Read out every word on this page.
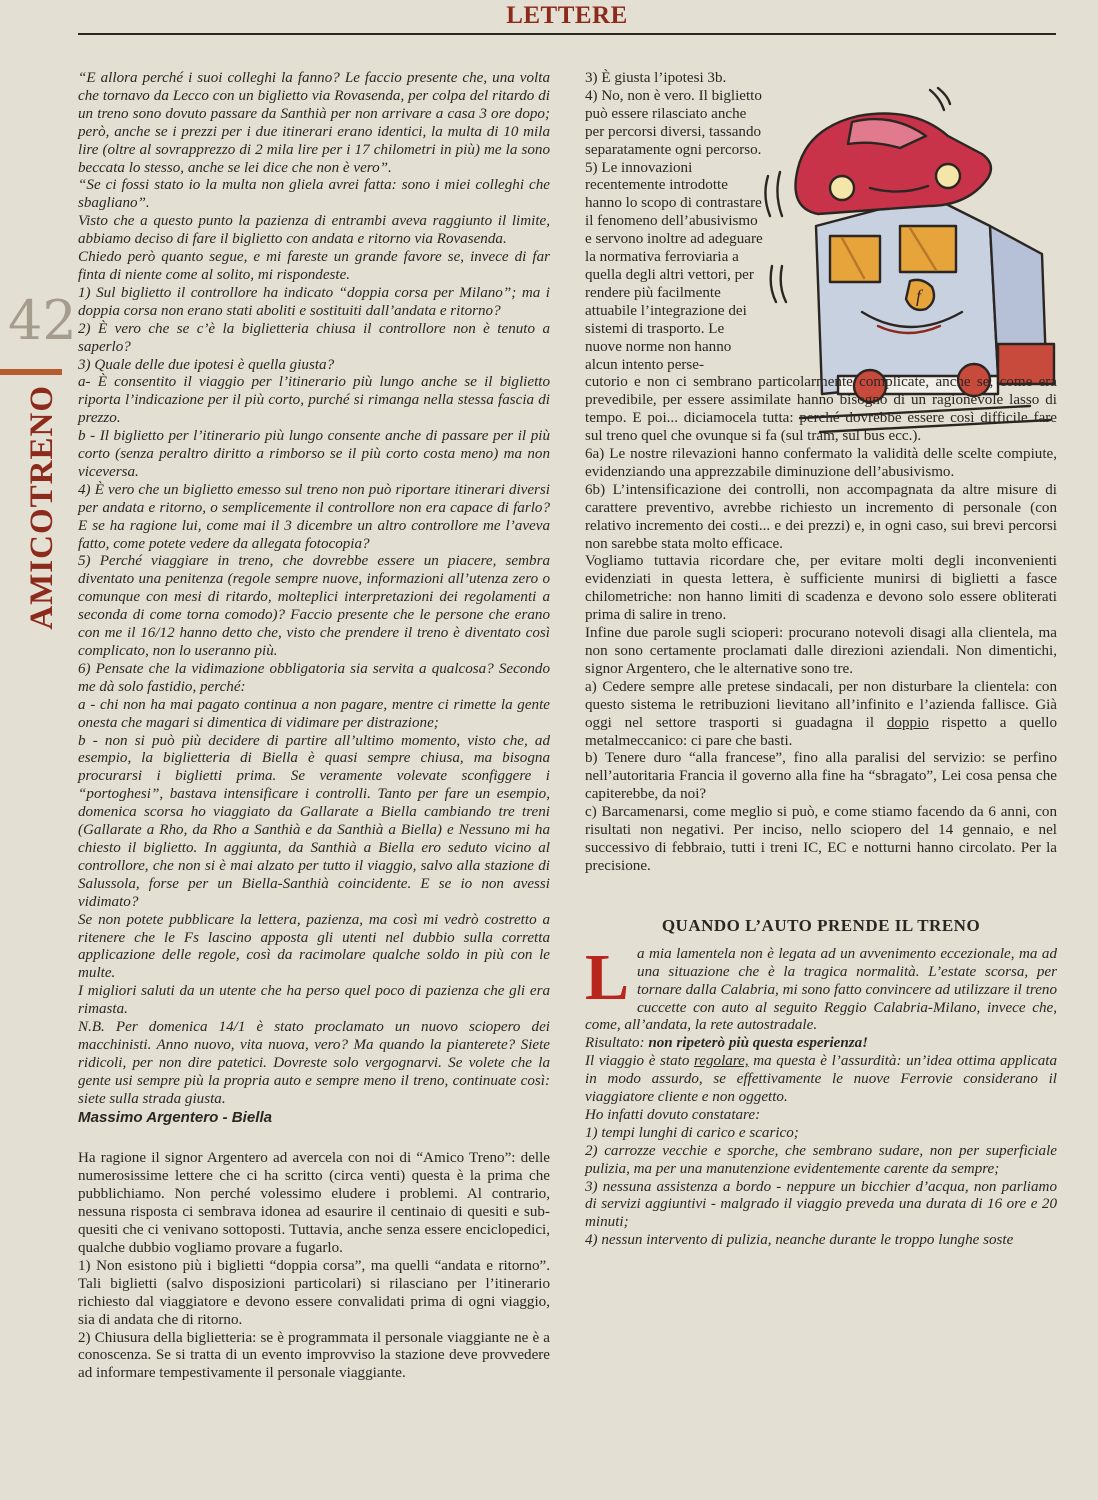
LETTERE
42
AMICOTRENO

“E allora perché i suoi colleghi la fanno? Le faccio presente che, una volta che tornavo da Lecco con un biglietto via Rovasenda, per colpa del ritardo di un treno sono dovuto passare da Santhià per non arrivare a casa 3 ore dopo; però, anche se i prezzi per i due itinerari erano identici, la multa di 10 mila lire (oltre al sovrapprezzo di 2 mila lire per i 17 chilometri in più) me la sono beccata lo stesso, anche se lei dice che non è vero”.

“Se ci fossi stato io la multa non gliela avrei fatta: sono i miei colleghi che sbagliano”.

Visto che a questo punto la pazienza di entrambi aveva raggiunto il limite, abbiamo deciso di fare il biglietto con andata e ritorno via Rovasenda.

Chiedo però quanto segue, e mi fareste un grande favore se, invece di far finta di niente come al solito, mi rispondeste.

1) Sul biglietto il controllore ha indicato “doppia corsa per Milano”; ma i doppia corsa non erano stati aboliti e sostituiti dall’andata e ritorno?

2) È vero che se c’è la biglietteria chiusa il controllore non è tenuto a saperlo?

3) Quale delle due ipotesi è quella giusta?

a- È consentito il viaggio per l’itinerario più lungo anche se il biglietto riporta l’indicazione per il più corto, purché si rimanga nella stessa fascia di prezzo.

b - Il biglietto per l’itinerario più lungo consente anche di passare per il più corto (senza peraltro diritto a rimborso se il più corto costa meno) ma non viceversa.

4) È vero che un biglietto emesso sul treno non può riportare itinerari diversi per andata e ritorno, o semplicemente il controllore non era capace di farlo? E se ha ragione lui, come mai il 3 dicembre un altro controllore me l’aveva fatto, come potete vedere da allegata fotocopia?

5) Perché viaggiare in treno, che dovrebbe essere un piacere, sembra diventato una penitenza (regole sempre nuove, informazioni all’utenza zero o comunque con mesi di ritardo, molteplici interpretazioni dei regolamenti a seconda di come torna comodo)? Faccio presente che le persone che erano con me il 16/12 hanno detto che, visto che prendere il treno è diventato così complicato, non lo useranno più.

6) Pensate che la vidimazione obbligatoria sia servita a qualcosa? Secondo me dà solo fastidio, perché:

a - chi non ha mai pagato continua a non pagare, mentre ci rimette la gente onesta che magari si dimentica di vidimare per distrazione;

b - non si può più decidere di partire all’ultimo momento, visto che, ad esempio, la biglietteria di Biella è quasi sempre chiusa, ma bisogna procurarsi i biglietti prima. Se veramente volevate sconfiggere i “portoghesi”, bastava intensificare i controlli. Tanto per fare un esempio, domenica scorsa ho viaggiato da Gallarate a Biella cambiando tre treni (Gallarate a Rho, da Rho a Santhià e da Santhià a Biella) e Nessuno mi ha chiesto il biglietto. In aggiunta, da Santhià a Biella ero seduto vicino al controllore, che non si è mai alzato per tutto il viaggio, salvo alla stazione di Salussola, forse per un Biella-Santhià coincidente. E se io non avessi vidimato?

Se non potete pubblicare la lettera, pazienza, ma così mi vedrò costretto a ritenere che le Fs lascino apposta gli utenti nel dubbio sulla corretta applicazione delle regole, così da racimolare qualche soldo in più con le multe.

I migliori saluti da un utente che ha perso quel poco di pazienza che gli era rimasta.

N.B. Per domenica 14/1 è stato proclamato un nuovo sciopero dei macchinisti. Anno nuovo, vita nuova, vero? Ma quando la pianterete? Siete ridicoli, per non dire patetici. Dovreste solo vergognarvi. Se volete che la gente usi sempre più la propria auto e sempre meno il treno, continuate così: siete sulla strada giusta.

Massimo Argentero - Biella

Ha ragione il signor Argentero ad avercela con noi di “Amico Treno”: delle numerosissime lettere che ci ha scritto (circa venti) questa è la prima che pubblichiamo. Non perché volessimo eludere i problemi. Al contrario, nessuna risposta ci sembrava idonea ad esaurire il centinaio di quesiti e sub-quesiti che ci venivano sottoposti. Tuttavia, anche senza essere enciclopedici, qualche dubbio vogliamo provare a fugarlo.

1) Non esistono più i biglietti “doppia corsa”, ma quelli “andata e ritorno”. Tali biglietti (salvo disposizioni particolari) si rilasciano per l’itinerario richiesto dal viaggiatore e devono essere convalidati prima di ogni viaggio, sia di andata che di ritorno.

2) Chiusura della biglietteria: se è programmata il personale viaggiante ne è a conoscenza. Se si tratta di un evento improvviso la stazione deve provvedere ad informare tempestivamente il personale viaggiante.

f

3) È giusta l’ipotesi 3b.

4) No, non è vero. Il biglietto può essere rilasciato anche per percorsi diversi, tassando separatamente ogni percorso.

5) Le innovazioni recentemente introdotte hanno lo scopo di contrastare il fenomeno dell’abusivismo e servono inoltre ad adeguare la normativa ferroviaria a quella degli altri vettori, per rendere più facilmente attuabile l’integrazione dei sistemi di trasporto. Le nuove norme non hanno alcun intento perse-

cutorio e non ci sembrano particolarmente complicate, anche se, come era prevedibile, per essere assimilate hanno bisogno di un ragionevole lasso di tempo. E poi... diciamocela tutta: perché dovrebbe essere così difficile fare sul treno quel che ovunque si fa (sul tram, sul bus ecc.).

6a) Le nostre rilevazioni hanno confermato la validità delle scelte compiute, evidenziando una apprezzabile diminuzione dell’abusivismo.

6b) L’intensificazione dei controlli, non accompagnata da altre misure di carattere preventivo, avrebbe richiesto un incremento di personale (con relativo incremento dei costi... e dei prezzi) e, in ogni caso, sui brevi percorsi non sarebbe stata molto efficace.

Vogliamo tuttavia ricordare che, per evitare molti degli inconvenienti evidenziati in questa lettera, è sufficiente munirsi di biglietti a fasce chilometriche: non hanno limiti di scadenza e devono solo essere obliterati prima di salire in treno.

Infine due parole sugli scioperi: procurano notevoli disagi alla clientela, ma non sono certamente proclamati dalle direzioni aziendali. Non dimentichi, signor Argentero, che le alternative sono tre.

a) Cedere sempre alle pretese sindacali, per non disturbare la clientela: con questo sistema le retribuzioni lievitano all’infinito e l’azienda fallisce. Già oggi nel settore trasporti si guadagna il doppio rispetto a quello metalmeccanico: ci pare che basti.

b) Tenere duro “alla francese”, fino alla paralisi del servizio: se perfino nell’autoritaria Francia il governo alla fine ha “sbragato”, Lei cosa pensa che capiterebbe, da noi?

c) Barcamenarsi, come meglio si può, e come stiamo facendo da 6 anni, con risultati non negativi. Per inciso, nello sciopero del 14 gennaio, e nel successivo di febbraio, tutti i treni IC, EC e notturni hanno circolato. Per la precisione.

QUANDO L’AUTO PRENDE IL TRENO

La mia lamentela non è legata ad un avvenimento eccezionale, ma ad una situazione che è la tragica normalità. L’estate scorsa, per tornare dalla Calabria, mi sono fatto convincere ad utilizzare il treno cuccette con auto al seguito Reggio Calabria-Milano, invece che, come, all’andata, la rete autostradale.

Risultato: non ripeterò più questa esperienza!

Il viaggio è stato regolare, ma questa è l’assurdità: un’idea ottima applicata in modo assurdo, se effettivamente le nuove Ferrovie considerano il viaggiatore cliente e non oggetto.

Ho infatti dovuto constatare:

1) tempi lunghi di carico e scarico;

2) carrozze vecchie e sporche, che sembrano sudare, non per superficiale pulizia, ma per una manutenzione evidentemente carente da sempre;

3) nessuna assistenza a bordo - neppure un bicchier d’acqua, non parliamo di servizi aggiuntivi - malgrado il viaggio preveda una durata di 16 ore e 20 minuti;

4) nessun intervento di pulizia, neanche durante le troppo lunghe soste
